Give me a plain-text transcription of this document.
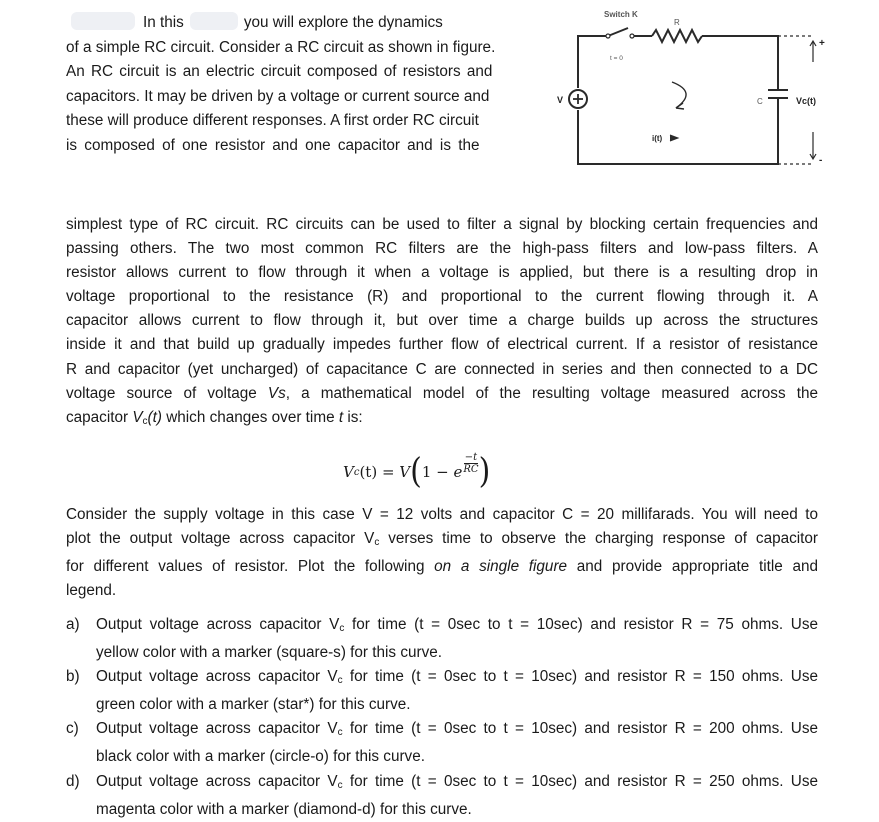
In this	you will explore the dynamics
of a simple RC circuit. Consider a RC circuit as shown in figure.
An RC circuit is an electric circuit composed of resistors and
capacitors. It may be driven by a voltage or current source and
these will produce different responses. A first order RC circuit
is composed of one resistor and one capacitor and is the
Switch K
t = 0
R
V
i(t)
C	Vc(t)
+
-
simplest type of RC circuit. RC circuits can be used to filter a signal by blocking certain frequencies and
passing others. The two most common RC filters are the high-pass filters and low-pass filters. A
resistor allows current to flow through it when a voltage is applied, but there is a resulting drop in
voltage proportional to the resistance (R) and proportional to the current flowing through it. A
capacitor allows current to flow through it, but over time a charge builds up across the structures
inside it and that build up gradually impedes further flow of electrical current. If a resistor of resistance
R and capacitor (yet uncharged) of capacitance C are connected in series and then connected to a DC
voltage source of voltage Vs, a mathematical model of the resulting voltage measured across the
capacitor $V_c(t)$ which changes over time t is:
V c (t) = V ( 1 − e $\frac{-t}{RC}$ )
Consider the supply voltage in this case V = 12 volts and capacitor C = 20 millifarads. You will need to
plot the output voltage across capacitor $V_c$ verses time to observe the charging response of capacitor
for different values of resistor. Plot the following on a single figure and provide appropriate title and
legend.
a) Output voltage across capacitor $V_c$ for time (t = 0sec to t = 10sec) and resistor R = 75 ohms. Use
yellow color with a marker (square-s) for this curve.
b) Output voltage across capacitor $V_c$ for time (t = 0sec to t = 10sec) and resistor R = 150 ohms. Use
green color with a marker (star*) for this curve.
c) Output voltage across capacitor $V_c$ for time (t = 0sec to t = 10sec) and resistor R = 200 ohms. Use
black color with a marker (circle-o) for this curve.
d) Output voltage across capacitor $V_c$ for time (t = 0sec to t = 10sec) and resistor R = 250 ohms. Use
magenta color with a marker (diamond-d) for this curve.
